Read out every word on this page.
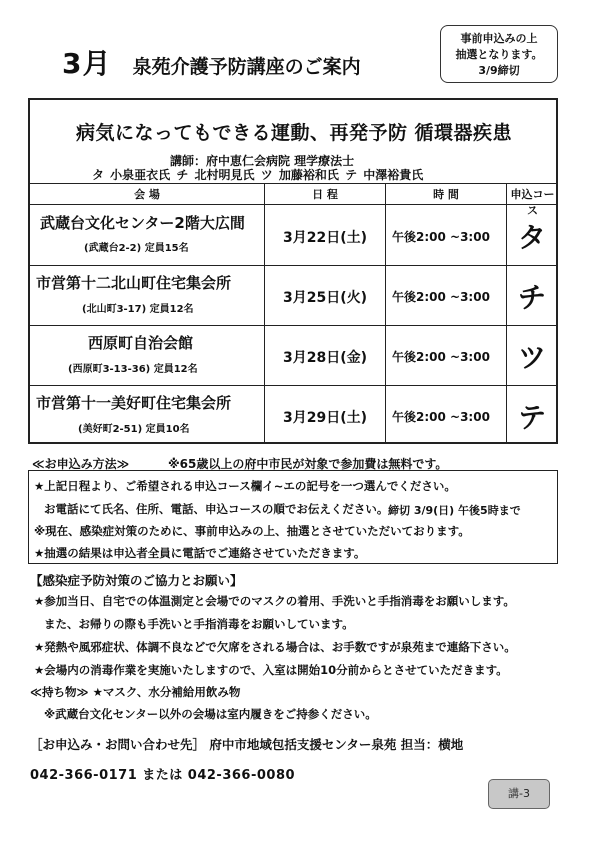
3月 泉苑介護予防講座のご案内
事前申込みの上
抽選となります。
3/9締切
病気になってもできる運動、再発予防 循環器疾患
講師：府中恵仁会病院 理学療法士
タ 小泉亜衣氏 チ 北村明見氏 ツ 加藤裕和氏 テ 中澤裕貴氏
会 場	日 程	時 間	申込コース
武蔵台文化センター2階大広間
(武蔵台2-2) 定員15名
3月22日(土)	午後2:00 ~3:00	タ
市営第十二北山町住宅集会所
(北山町3-17) 定員12名
3月25日(火)	午後2:00 ~3:00	チ
西原町自治会館
(西原町3-13-36) 定員12名
3月28日(金)	午後2:00 ~3:00	ツ
市営第十一美好町住宅集会所
(美好町2-51) 定員10名
3月29日(土)	午後2:00 ~3:00	テ
≪お申込み方法≫	※65歳以上の府中市民が対象で参加費は無料です。
★上記日程より、ご希望される申込コース欄イ~エの記号を一つ選んでください。
お電話にて氏名、住所、電話、申込コースの順でお伝えください。 締切 3/9(日) 午後5時まで
※現在、感染症対策のために、事前申込みの上、抽選とさせていただいております。
★抽選の結果は申込者全員に電話でご連絡させていただきます。
【感染症予防対策のご協力とお願い】
★参加当日、自宅での体温測定と会場でのマスクの着用、手洗いと手指消毒をお願いします。
また、お帰りの際も手洗いと手指消毒をお願いしています。
★発熱や風邪症状、体調不良などで欠席をされる場合は、お手数ですが泉苑まで連絡下さい。
★会場内の消毒作業を実施いたしますので、入室は開始10分前からとさせていただきます。
≪持ち物≫ ★マスク、水分補給用飲み物
※武蔵台文化センター以外の会場は室内履きをご持参ください。
［お申込み・お問い合わせ先］ 府中市地域包括支援センター泉苑 担当：横地
042-366-0171 または 042-366-0080
講-3
